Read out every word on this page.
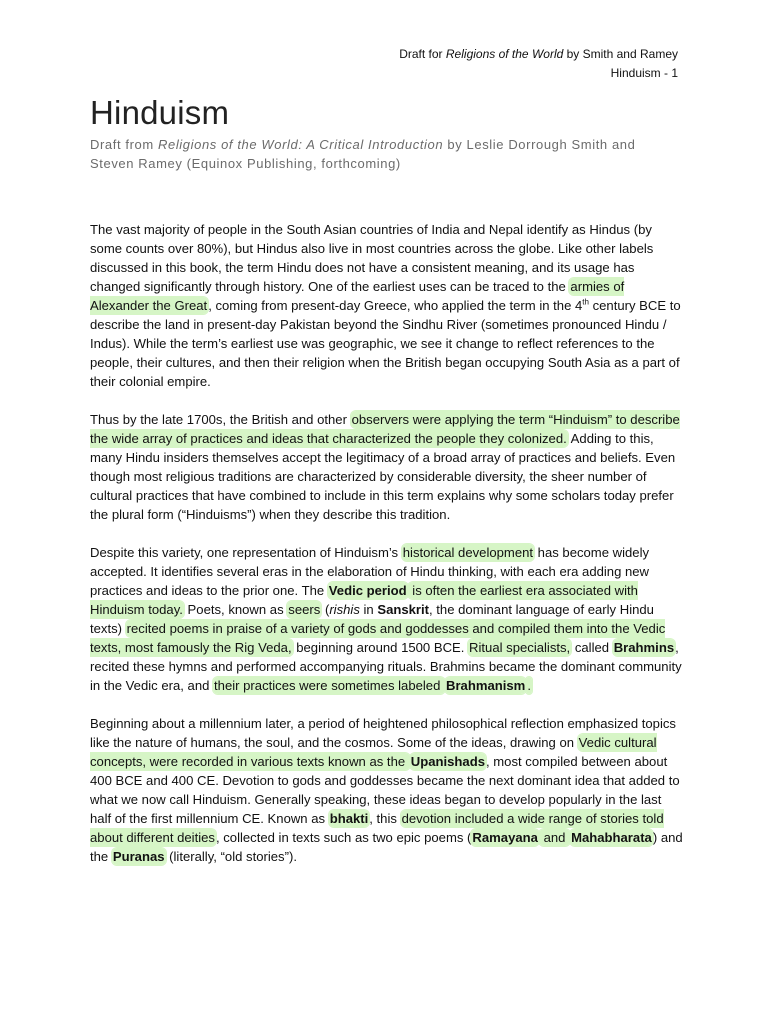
Draft for Religions of the World by Smith and Ramey
Hinduism - 1
Hinduism
Draft from Religions of the World: A Critical Introduction by Leslie Dorrough Smith and Steven Ramey (Equinox Publishing, forthcoming)

The vast majority of people in the South Asian countries of India and Nepal identify as Hindus (by some counts over 80%), but Hindus also live in most countries across the globe. Like other labels discussed in this book, the term Hindu does not have a consistent meaning, and its usage has changed significantly through history. One of the earliest uses can be traced to the armies of Alexander the Great, coming from present-day Greece, who applied the term in the 4th century BCE to describe the land in present-day Pakistan beyond the Sindhu River (sometimes pronounced Hindu / Indus). While the term’s earliest use was geographic, we see it change to reflect references to the people, their cultures, and then their religion when the British began occupying South Asia as a part of their colonial empire.

Thus by the late 1700s, the British and other observers were applying the term “Hinduism” to describe the wide array of practices and ideas that characterized the people they colonized. Adding to this, many Hindu insiders themselves accept the legitimacy of a broad array of practices and beliefs. Even though most religious traditions are characterized by considerable diversity, the sheer number of cultural practices that have combined to include in this term explains why some scholars today prefer the plural form (“Hinduisms”) when they describe this tradition.

Despite this variety, one representation of Hinduism’s historical development has become widely accepted. It identifies several eras in the elaboration of Hindu thinking, with each era adding new practices and ideas to the prior one. The Vedic period is often the earliest era associated with Hinduism today. Poets, known as seers (rishis in Sanskrit, the dominant language of early Hindu texts) recited poems in praise of a variety of gods and goddesses and compiled them into the Vedic texts, most famously the Rig Veda, beginning around 1500 BCE. Ritual specialists, called Brahmins, recited these hymns and performed accompanying rituals. Brahmins became the dominant community in the Vedic era, and their practices were sometimes labeled Brahmanism .

Beginning about a millennium later, a period of heightened philosophical reflection emphasized topics like the nature of humans, the soul, and the cosmos. Some of the ideas, drawing on Vedic cultural concepts, were recorded in various texts known as the Upanishads, most compiled between about 400 BCE and 400 CE. Devotion to gods and goddesses became the next dominant idea that added to what we now call Hinduism. Generally speaking, these ideas began to develop popularly in the last half of the first millennium CE. Known as bhakti, this devotion included a wide range of stories told about different deities, collected in texts such as two epic poems (Ramayana and Mahabharata) and the Puranas (literally, “old stories”).
